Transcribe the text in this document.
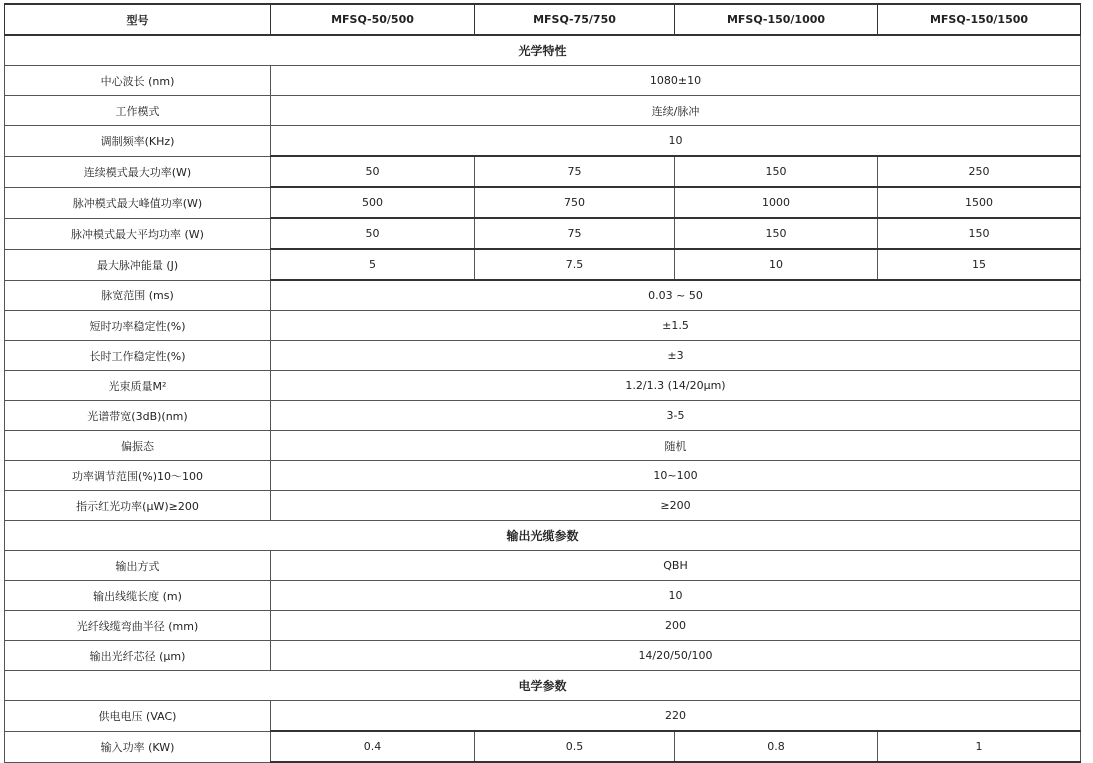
型号	MFSQ-50/500	MFSQ-75/750	MFSQ-150/1000	MFSQ-150/1500
光学特性				
中心波长 (nm)	1080±10			
工作模式	连续/脉冲			
调制频率(KHz)	10			
连续模式最大功率(W)	50	75	150	250
脉冲模式最大峰值功率(W)	500	750	1000	1500
脉冲模式最大平均功率 (W)	50	75	150	150
最大脉冲能量 (J)	5	7.5	10	15
脉宽范围 (ms)	0.03 ~ 50			
短时功率稳定性(%)	±1.5			
长时工作稳定性(%)	±3			
光束质量M²	1.2/1.3 (14/20μm)			
光谱带宽(3dB)(nm)	3-5			
偏振态	随机			
功率调节范围(%)10～100	10~100			
指示红光功率(μW)≥200	≥200			
输出光缆参数				
输出方式	QBH			
输出线缆长度 (m)	10			
光纤线缆弯曲半径 (mm)	200			
输出光纤芯径 (μm)	14/20/50/100			
电学参数				
供电电压 (VAC)	220			
输入功率 (KW)	0.4	0.5	0.8	1
